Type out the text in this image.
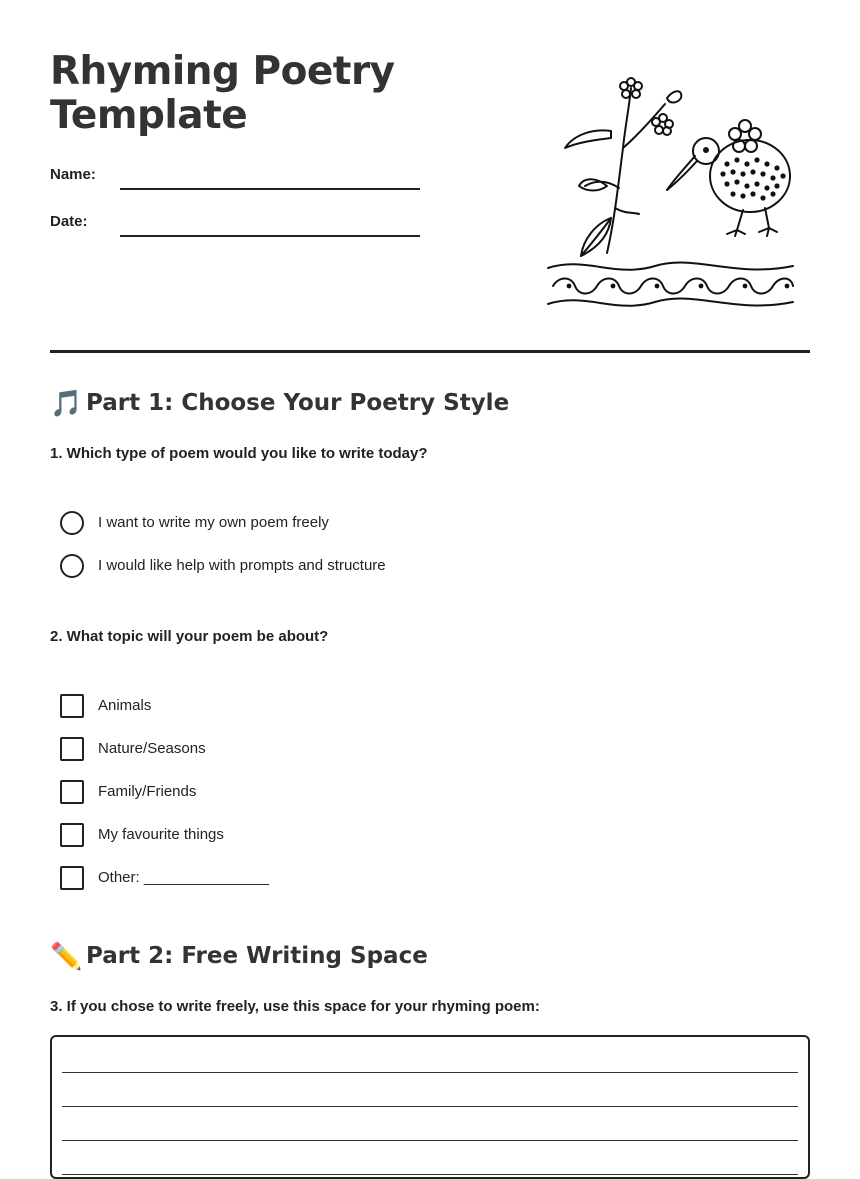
Rhyming Poetry
Template
Name:
Date:
🎵 Part 1: Choose Your Poetry Style
1. Which type of poem would you like to write today?
I want to write my own poem freely
I would like help with prompts and structure
2. What topic will your poem be about?
Animals
Nature/Seasons
Family/Friends
My favourite things
Other: _______________
✏️ Part 2: Free Writing Space
3. If you chose to write freely, use this space for your rhyming poem:
